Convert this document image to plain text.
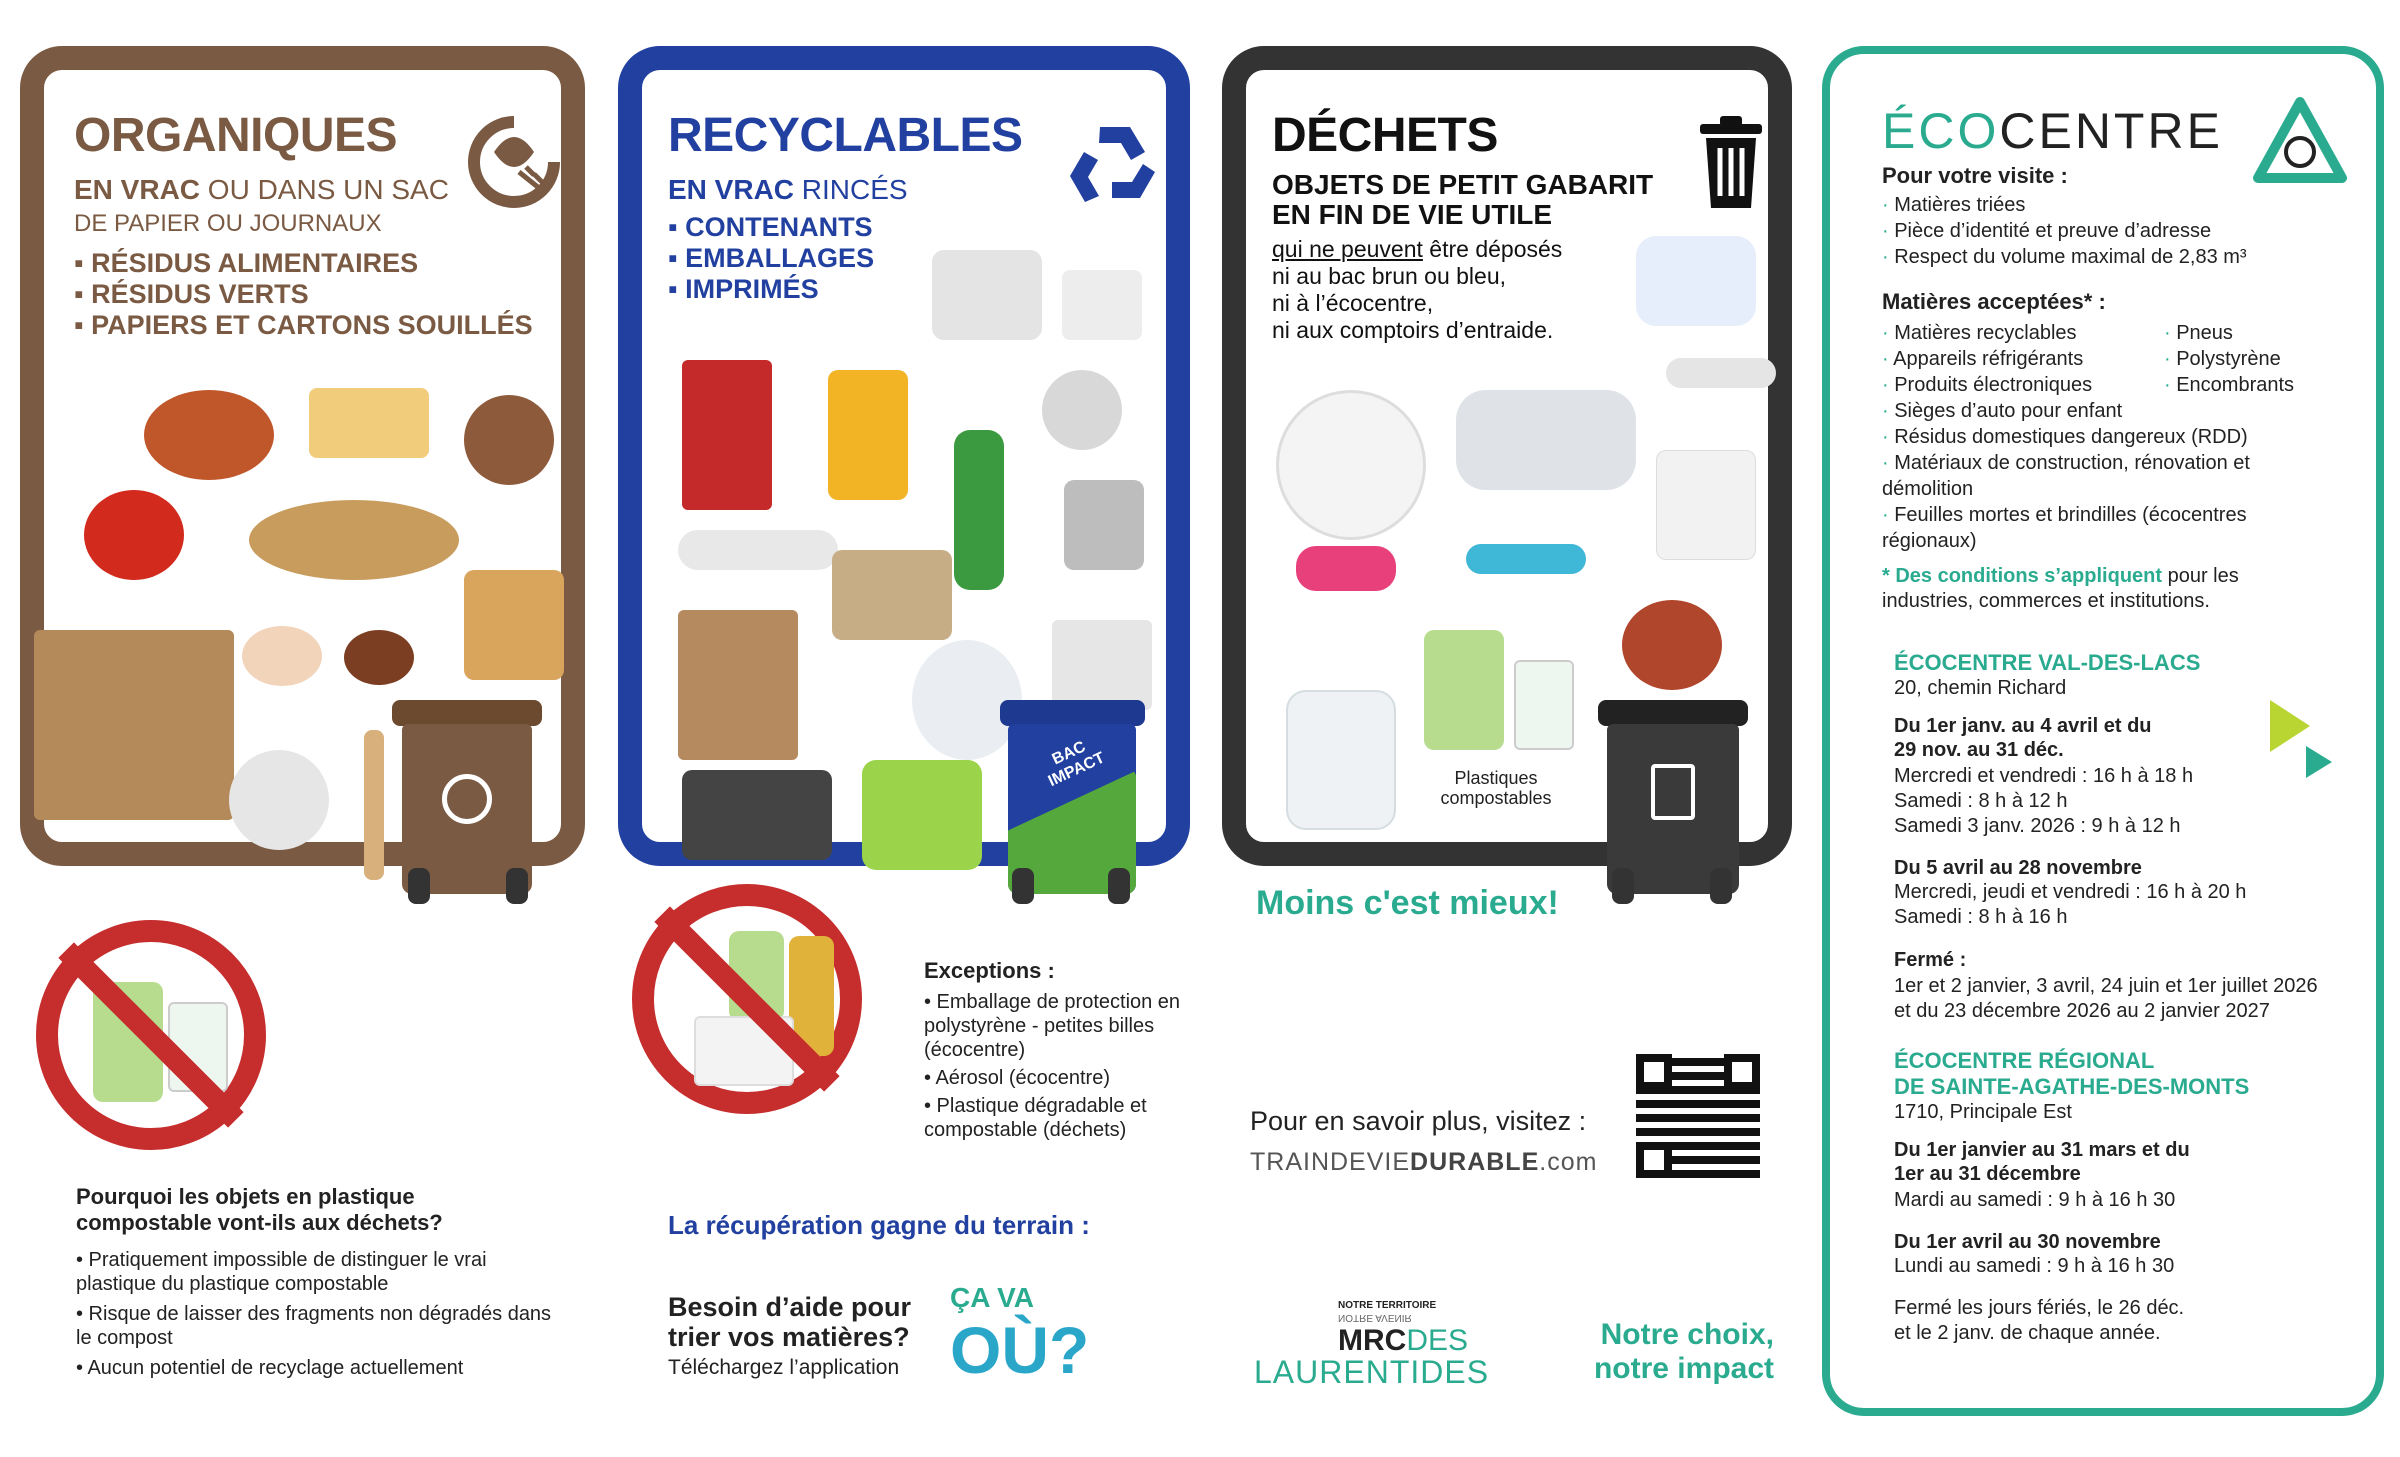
ORGANIQUES
EN VRAC OU DANS UN SAC
DE PAPIER OU JOURNAUX
▪ RÉSIDUS ALIMENTAIRES
▪ RÉSIDUS VERTS
▪ PAPIERS ET CARTONS SOUILLÉS
Pourquoi les objets en plastique compostable vont-ils aux déchets?
• Pratiquement impossible de distinguer le vrai plastique du plastique compostable
• Risque de laisser des fragments non dégradés dans le compost
• Aucun potentiel de recyclage actuellement
RECYCLABLES
EN VRAC RINCÉS
▪ CONTENANTS
▪ EMBALLAGES
▪ IMPRIMÉS
BAC IMPACT
Exceptions :
• Emballage de protection en polystyrène - petites billes (écocentre)
• Aérosol (écocentre)
• Plastique dégradable et compostable (déchets)
La récupération gagne du terrain :
Besoin d’aide pour trier vos matières?
Téléchargez l’application
ÇA VA
OÙ?
DÉCHETS
OBJETS DE PETIT GABARIT
EN FIN DE VIE UTILE
qui ne peuvent être déposés
ni au bac brun ou bleu,
ni à l’écocentre,
ni aux comptoirs d’entraide.
Plastiques compostables
Moins c'est mieux!
Pour en savoir plus, visitez :
TRAINDEVIEDURABLE.com
NOTRE TERRITOIRE
NOTRE AVENIR
MRCDES
LAURENTIDES
Notre choix, notre impact
ÉCOCENTRE
Pour votre visite :
· Matières triées
· Pièce d’identité et preuve d’adresse
· Respect du volume maximal de 2,83 m³
Matières acceptées* :
· Matières recyclables
· Appareils réfrigérants
· Produits électroniques
· Pneus
· Polystyrène
· Encombrants
· Sièges d’auto pour enfant
· Résidus domestiques dangereux (RDD)
· Matériaux de construction, rénovation et démolition
· Feuilles mortes et brindilles (écocentres régionaux)
* Des conditions s’appliquent pour les industries, commerces et institutions.
ÉCOCENTRE VAL-DES-LACS
20, chemin Richard
Du 1er janv. au 4 avril et du 29 nov. au 31 déc.
Mercredi et vendredi : 16 h à 18 h
Samedi : 8 h à 12 h
Samedi 3 janv. 2026 : 9 h à 12 h
Du 5 avril au 28 novembre
Mercredi, jeudi et vendredi : 16 h à 20 h
Samedi : 8 h à 16 h
Fermé :
1er et 2 janvier, 3 avril, 24 juin et 1er juillet 2026
et du 23 décembre 2026 au 2 janvier 2027
ÉCOCENTRE RÉGIONAL
DE SAINTE-AGATHE-DES-MONTS
1710, Principale Est
Du 1er janvier au 31 mars et du 1er au 31 décembre
Mardi au samedi : 9 h à 16 h 30
Du 1er avril au 30 novembre
Lundi au samedi : 9 h à 16 h 30
Fermé les jours fériés, le 26 déc.
et le 2 janv. de chaque année.
